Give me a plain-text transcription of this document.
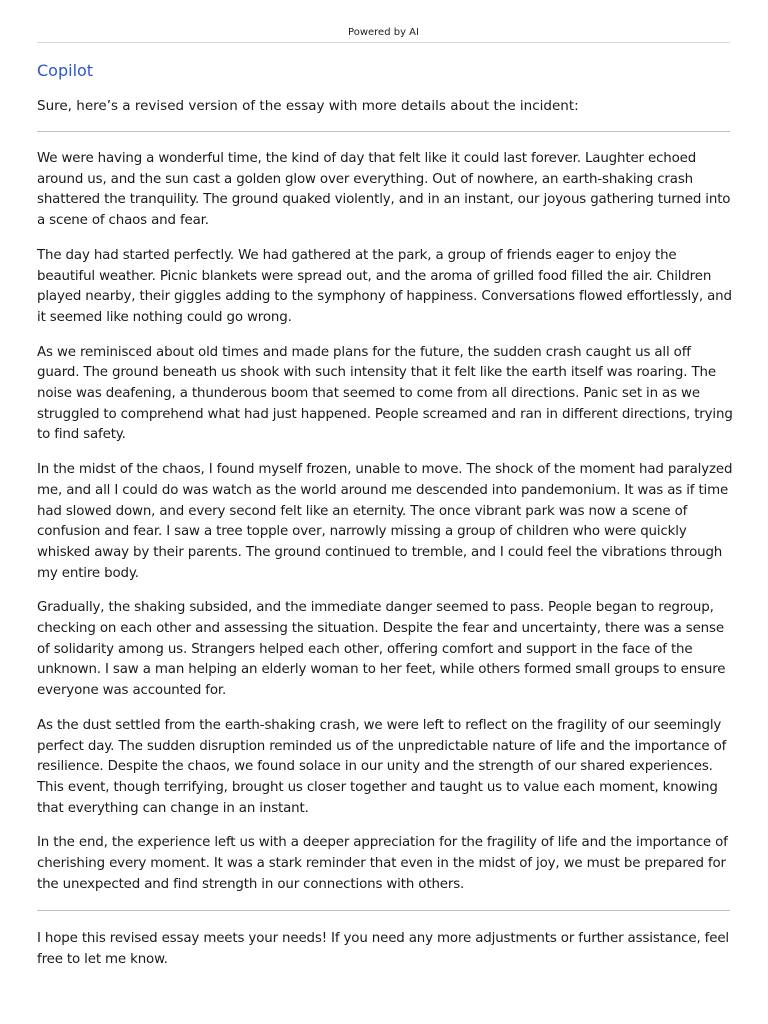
Powered by AI
Copilot
Sure, here’s a revised version of the essay with more details about the incident:

We were having a wonderful time, the kind of day that felt like it could last forever. Laughter echoed around us, and the sun cast a golden glow over everything. Out of nowhere, an earth-shaking crash shattered the tranquility. The ground quaked violently, and in an instant, our joyous gathering turned into a scene of chaos and fear.

The day had started perfectly. We had gathered at the park, a group of friends eager to enjoy the beautiful weather. Picnic blankets were spread out, and the aroma of grilled food filled the air. Children played nearby, their giggles adding to the symphony of happiness. Conversations flowed effortlessly, and it seemed like nothing could go wrong.

As we reminisced about old times and made plans for the future, the sudden crash caught us all off guard. The ground beneath us shook with such intensity that it felt like the earth itself was roaring. The noise was deafening, a thunderous boom that seemed to come from all directions. Panic set in as we struggled to comprehend what had just happened. People screamed and ran in different directions, trying to find safety.

In the midst of the chaos, I found myself frozen, unable to move. The shock of the moment had paralyzed me, and all I could do was watch as the world around me descended into pandemonium. It was as if time had slowed down, and every second felt like an eternity. The once vibrant park was now a scene of confusion and fear. I saw a tree topple over, narrowly missing a group of children who were quickly whisked away by their parents. The ground continued to tremble, and I could feel the vibrations through my entire body.

Gradually, the shaking subsided, and the immediate danger seemed to pass. People began to regroup, checking on each other and assessing the situation. Despite the fear and uncertainty, there was a sense of solidarity among us. Strangers helped each other, offering comfort and support in the face of the unknown. I saw a man helping an elderly woman to her feet, while others formed small groups to ensure everyone was accounted for.

As the dust settled from the earth-shaking crash, we were left to reflect on the fragility of our seemingly perfect day. The sudden disruption reminded us of the unpredictable nature of life and the importance of resilience. Despite the chaos, we found solace in our unity and the strength of our shared experiences. This event, though terrifying, brought us closer together and taught us to value each moment, knowing that everything can change in an instant.

In the end, the experience left us with a deeper appreciation for the fragility of life and the importance of cherishing every moment. It was a stark reminder that even in the midst of joy, we must be prepared for the unexpected and find strength in our connections with others.

I hope this revised essay meets your needs! If you need any more adjustments or further assistance, feel free to let me know.
